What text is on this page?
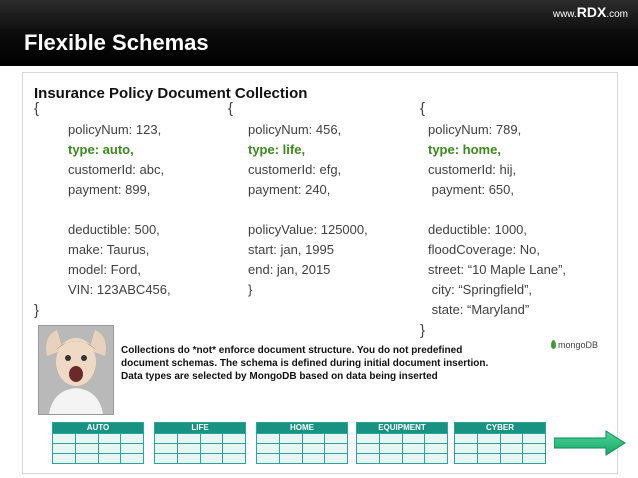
www.RDX.com
Flexible Schemas
Insurance Policy Document Collection
{
policyNum: 123,
type: auto,
customerId: abc,
payment: 899,
deductible: 500,
make: Taurus,
model: Ford,
VIN: 123ABC456,
}
{
policyNum: 456,
type: life,
customerId: efg,
payment: 240,
policyValue: 125000,
start: jan, 1995
end: jan, 2015
}
{
policyNum: 789,
type: home,
customerId: hij,
payment: 650,
deductible: 1000,
floodCoverage: No,
street: “10 Maple Lane”,
city: “Springfield”,
state: “Maryland”
}
Collections do *not* enforce document structure. You do not predefined document schemas. The schema is defined during initial document insertion. Data types are selected by MongoDB based on data being inserted
mongoDB
AUTO	LIFE	HOME	EQUIPMENT	CYBER
